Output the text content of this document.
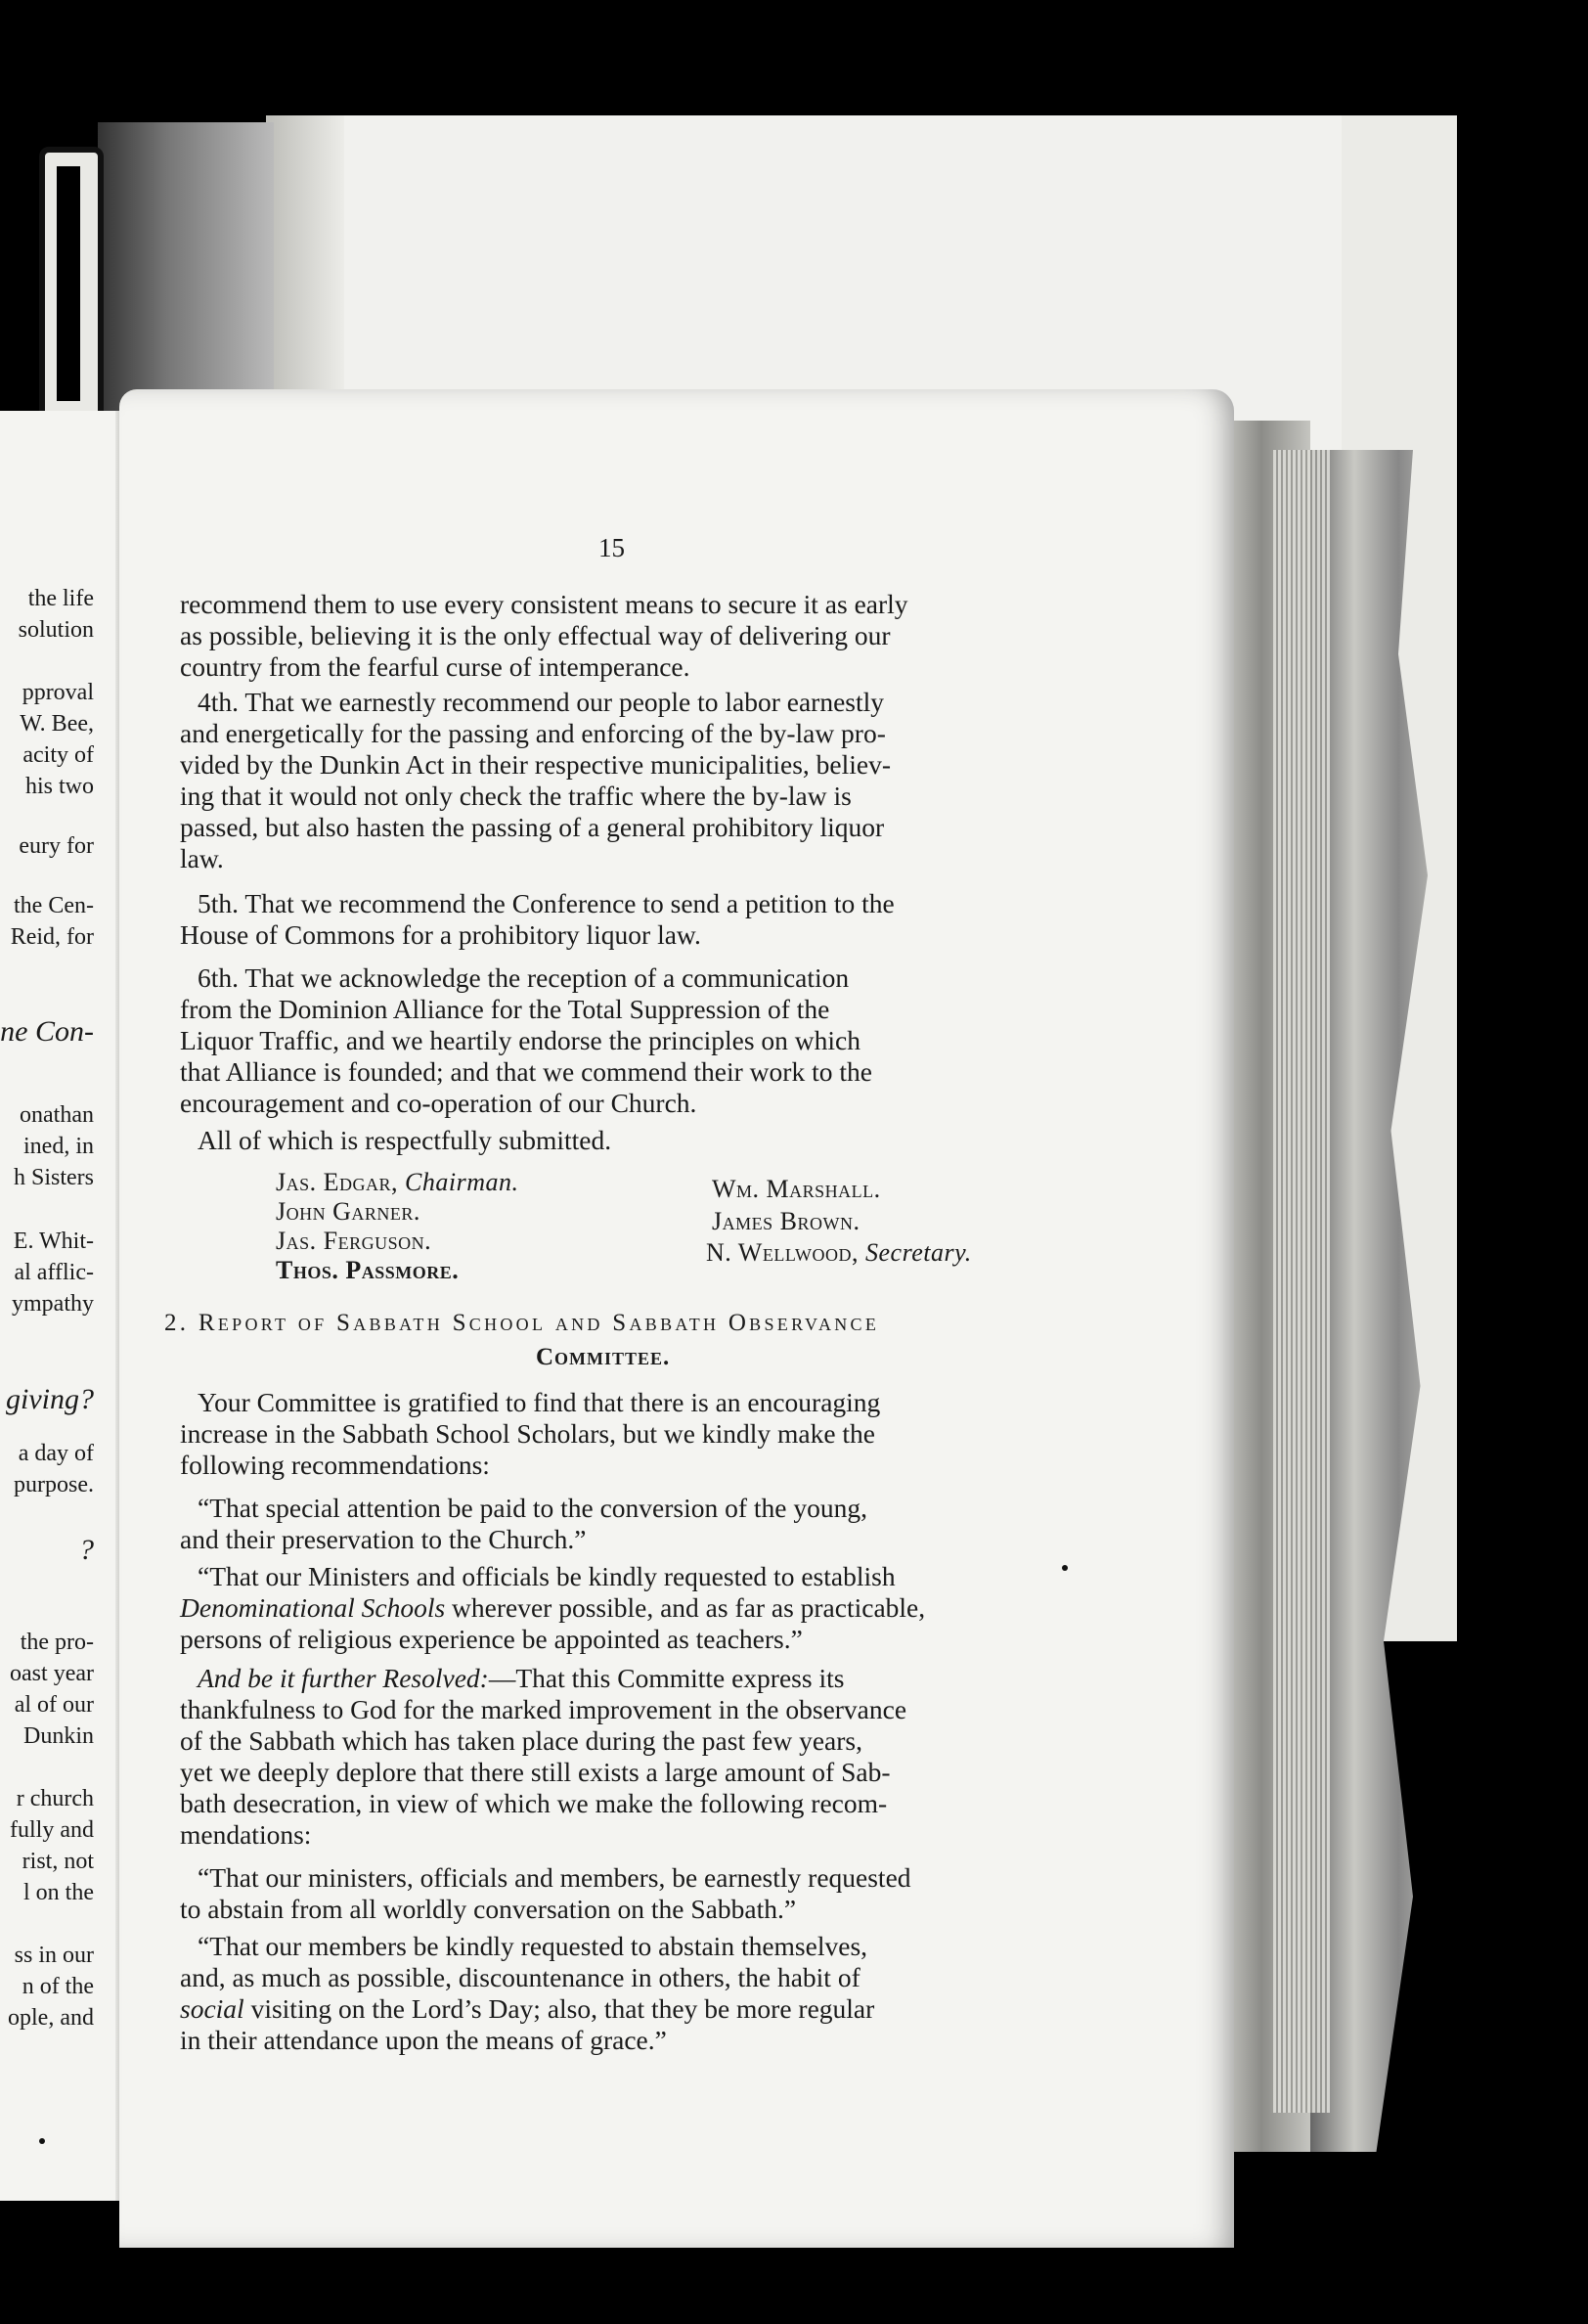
the life
solution
pproval
W. Bee,
acity of
his two
eury for
the Cen-
Reid, for
ne Con-
onathan
ined, in
h Sisters
E. Whit-
al afflic-
ympathy
giving?
a day of
purpose.
?
the pro-
oast year
al of our
Dunkin
r church
fully and
rist, not
l on the
ss in our
n of the
ople, and
15
recommend them to use every consistent means to secure it as early
as possible, believing it is the only effectual way of delivering our
country from the fearful curse of intemperance.
4th. That we earnestly recommend our people to labor earnestly
and energetically for the passing and enforcing of the by-law pro-
vided by the Dunkin Act in their respective municipalities, believ-
ing that it would not only check the traffic where the by-law is
passed, but also hasten the passing of a general prohibitory liquor
law.
5th. That we recommend the Conference to send a petition to the
House of Commons for a prohibitory liquor law.
6th. That we acknowledge the reception of a communication
from the Dominion Alliance for the Total Suppression of the
Liquor Traffic, and we heartily endorse the principles on which
that Alliance is founded; and that we commend their work to the
encouragement and co-operation of our Church.
All of which is respectfully submitted.
Jas. Edgar, Chairman.
John Garner.
Jas. Ferguson.
Thos. Passmore.
Wm. Marshall.
James Brown.
N. Wellwood, Secretary.
2. Report of Sabbath School and Sabbath Observance
Committee.
Your Committee is gratified to find that there is an encouraging
increase in the Sabbath School Scholars, but we kindly make the
following recommendations:
“That special attention be paid to the conversion of the young,
and their preservation to the Church.”
“That our Ministers and officials be kindly requested to establish
Denominational Schools wherever possible, and as far as practicable,
persons of religious experience be appointed as teachers.”
And be it further Resolved:—That this Committe express its
thankfulness to God for the marked improvement in the observance
of the Sabbath which has taken place during the past few years,
yet we deeply deplore that there still exists a large amount of Sab-
bath desecration, in view of which we make the following recom-
mendations:
“That our ministers, officials and members, be earnestly requested
to abstain from all worldly conversation on the Sabbath.”
“That our members be kindly requested to abstain themselves,
and, as much as possible, discountenance in others, the habit of
social visiting on the Lord’s Day; also, that they be more regular
in their attendance upon the means of grace.”
